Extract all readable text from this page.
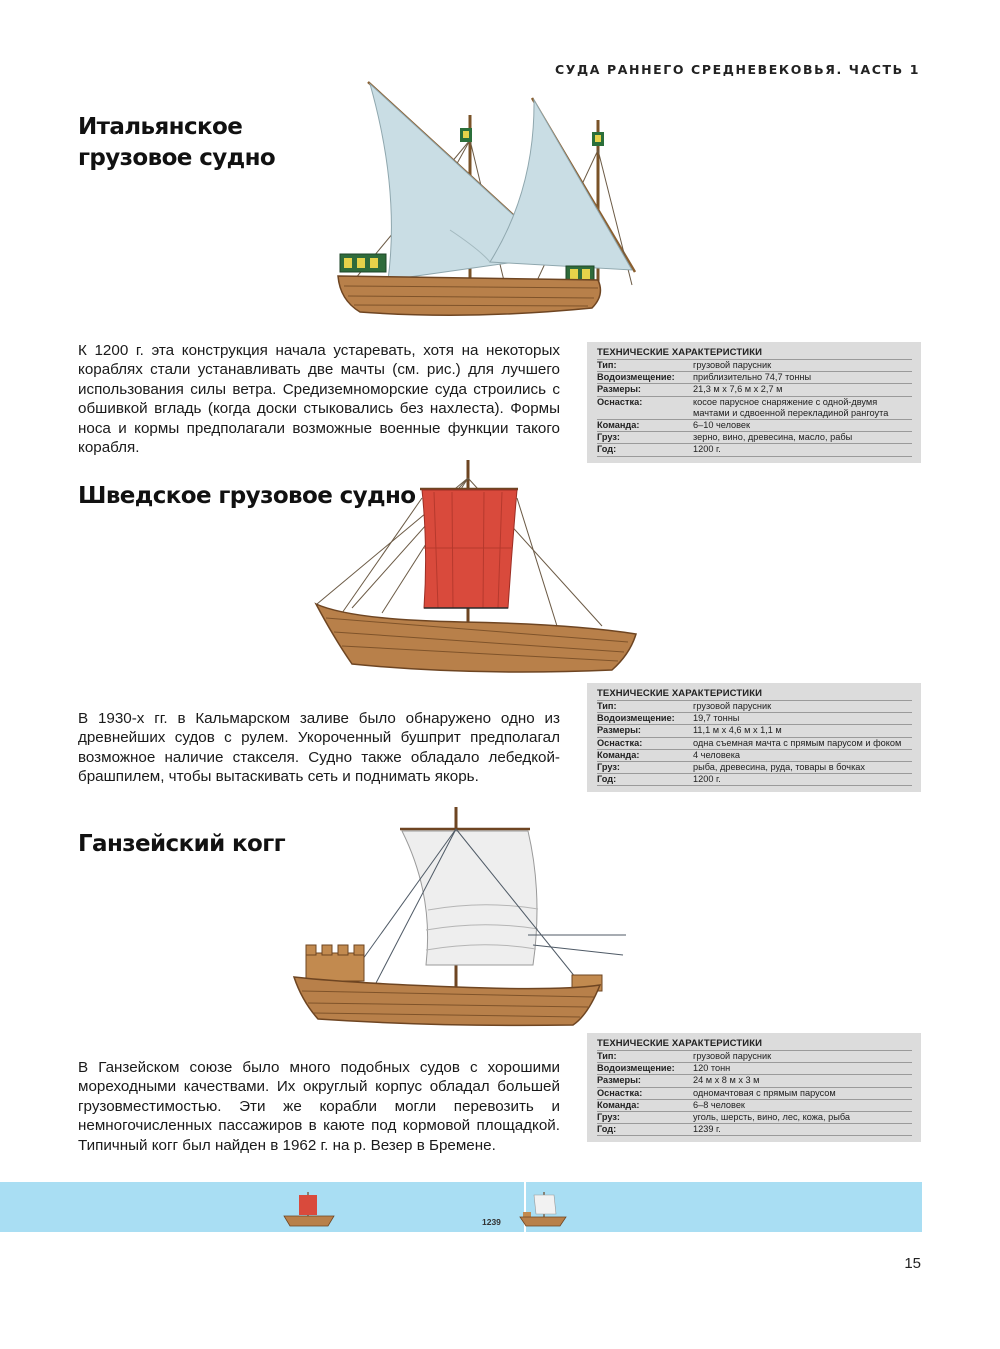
СУДА РАННЕГО СРЕДНЕВЕКОВЬЯ. ЧАСТЬ 1
Итальянское
грузовое судно

К 1200 г. эта конструкция начала устаревать, хотя на некоторых кораблях стали устанавливать две мачты (см. рис.) для лучшего использования силы ветра. Средиземноморские суда строились с обшивкой вгладь (когда доски стыковались без нахлеста). Формы носа и кормы предполагали возможные военные функции такого корабля.

ТЕХНИЧЕСКИЕ ХАРАКТЕРИСТИКИ
Тип:	грузовой парусник
Водоизмещение:	приблизительно 74,7 тонны
Размеры:	21,3 м x 7,6 м x 2,7 м
Оснастка:	косое парусное снаряжение с одной-двумя мачтами и сдвоенной перекладиной рангоута
Команда:	6–10 человек
Груз:	зерно, вино, древесина, масло, рабы
Год:	1200 г.
Шведское грузовое судно

В 1930-х гг. в Кальмарском заливе было обнаружено одно из древнейших судов с рулем. Укороченный бушприт предполагал возможное наличие стакселя. Судно также обладало лебедкой-брашпилем, чтобы вытаскивать сеть и поднимать якорь.

ТЕХНИЧЕСКИЕ ХАРАКТЕРИСТИКИ
Тип:	грузовой парусник
Водоизмещение:	19,7 тонны
Размеры:	11,1 м x 4,6 м x 1,1 м
Оснастка:	одна съемная мачта с прямым парусом и фоком
Команда:	4 человека
Груз:	рыба, древесина, руда, товары в бочках
Год:	1200 г.
Ганзейский когг

В Ганзейском союзе было много подобных судов с хорошими мореходными качествами. Их округлый корпус обладал большей грузовместимостью. Эти же корабли могли перевозить и немногочисленных пассажиров в каюте под кормовой площадкой. Типичный когг был найден в 1962 г. на р. Везер в Бремене.

ТЕХНИЧЕСКИЕ ХАРАКТЕРИСТИКИ
Тип:	грузовой парусник
Водоизмещение:	120 тонн
Размеры:	24 м x 8 м x 3 м
Оснастка:	одномачтовая с прямым парусом
Команда:	6–8 человек
Груз:	уголь, шерсть, вино, лес, кожа, рыба
Год:	1239 г.
1239
15
